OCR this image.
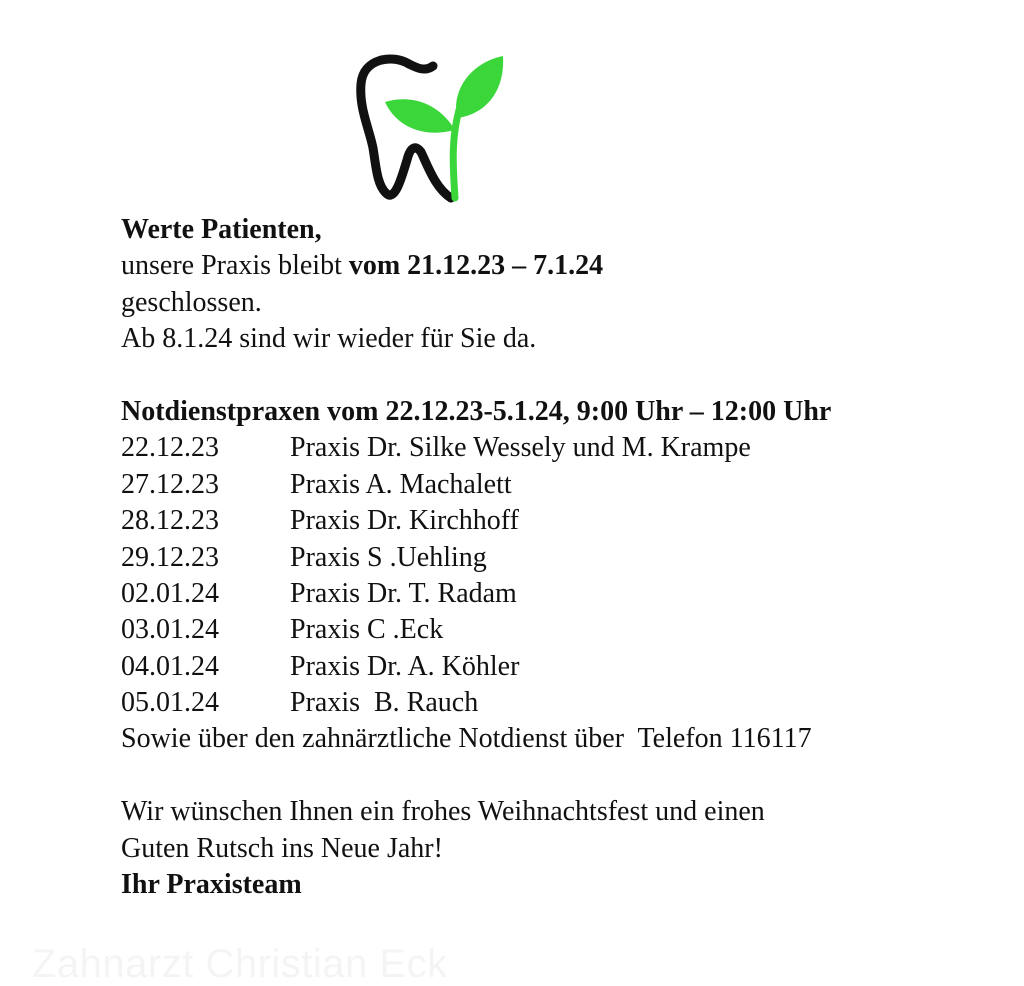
Werte Patienten,
unsere Praxis bleibt vom 21.12.23 – 7.1.24
geschlossen.
Ab 8.1.24 sind wir wieder für Sie da.
Notdienstpraxen vom 22.12.23-5.1.24, 9:00 Uhr – 12:00 Uhr
22.12.23	Praxis Dr. Silke Wessely und M. Krampe
27.12.23	Praxis A. Machalett
28.12.23	Praxis Dr. Kirchhoff
29.12.23	Praxis S .Uehling
02.01.24	Praxis Dr. T. Radam
03.01.24	Praxis C .Eck
04.01.24	Praxis Dr. A. Köhler
05.01.24	Praxis  B. Rauch
Sowie über den zahnärztliche Notdienst über  Telefon 116117
Wir wünschen Ihnen ein frohes Weihnachtsfest und einen
Guten Rutsch ins Neue Jahr!
Ihr Praxisteam
